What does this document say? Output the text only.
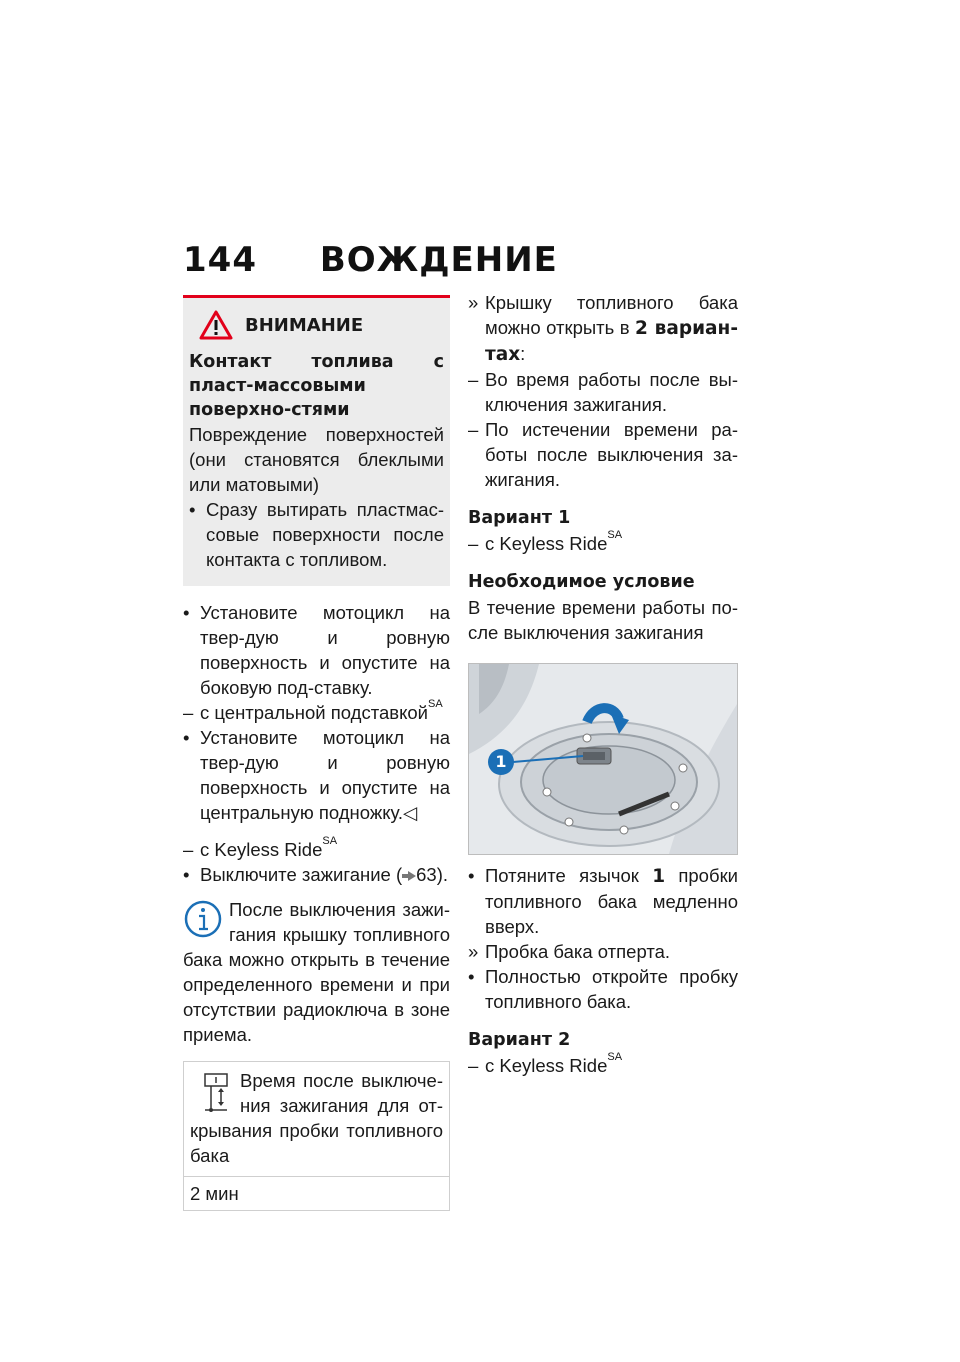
144 ВОЖДЕНИЕ
ВНИМАНИЕ
Контакт топлива с пласт-массовыми поверхно-стями
Повреждение поверхностей (они становятся блеклыми или матовыми)
• Сразу вытирать пластмас-совые поверхности после контакта с топливом.
• Установите мотоцикл на твер-дую и ровную поверхность и опустите на боковую под-ставку.
– с центральной подставкой$^{SA}$
• Установите мотоцикл на твер-дую и ровную поверхность и опустите на центральную подножку.◁
– с Keyless Ride$^{SA}$
• Выключите зажигание ( 63).
После выключения зажи-гания крышку топливного бака можно открыть в течение определенного времени и при отсутствии радиоключа в зоне приема.
Время после выключе-ния зажигания для от-крывания пробки топливного бака
2 мин
» Крышку топливного бака можно открыть в 2 вариан-тах:
– Во время работы после вы-ключения зажигания.
– По истечении времени ра-боты после выключения за-жигания.
Вариант 1
– с Keyless Ride$^{SA}$
Необходимое условие
В течение времени работы по-сле выключения зажигания
1
• Потяните язычок 1 пробки топливного бака медленно вверх.
» Пробка бака отперта.
• Полностью откройте пробку топливного бака.
Вариант 2
– с Keyless Ride$^{SA}$
